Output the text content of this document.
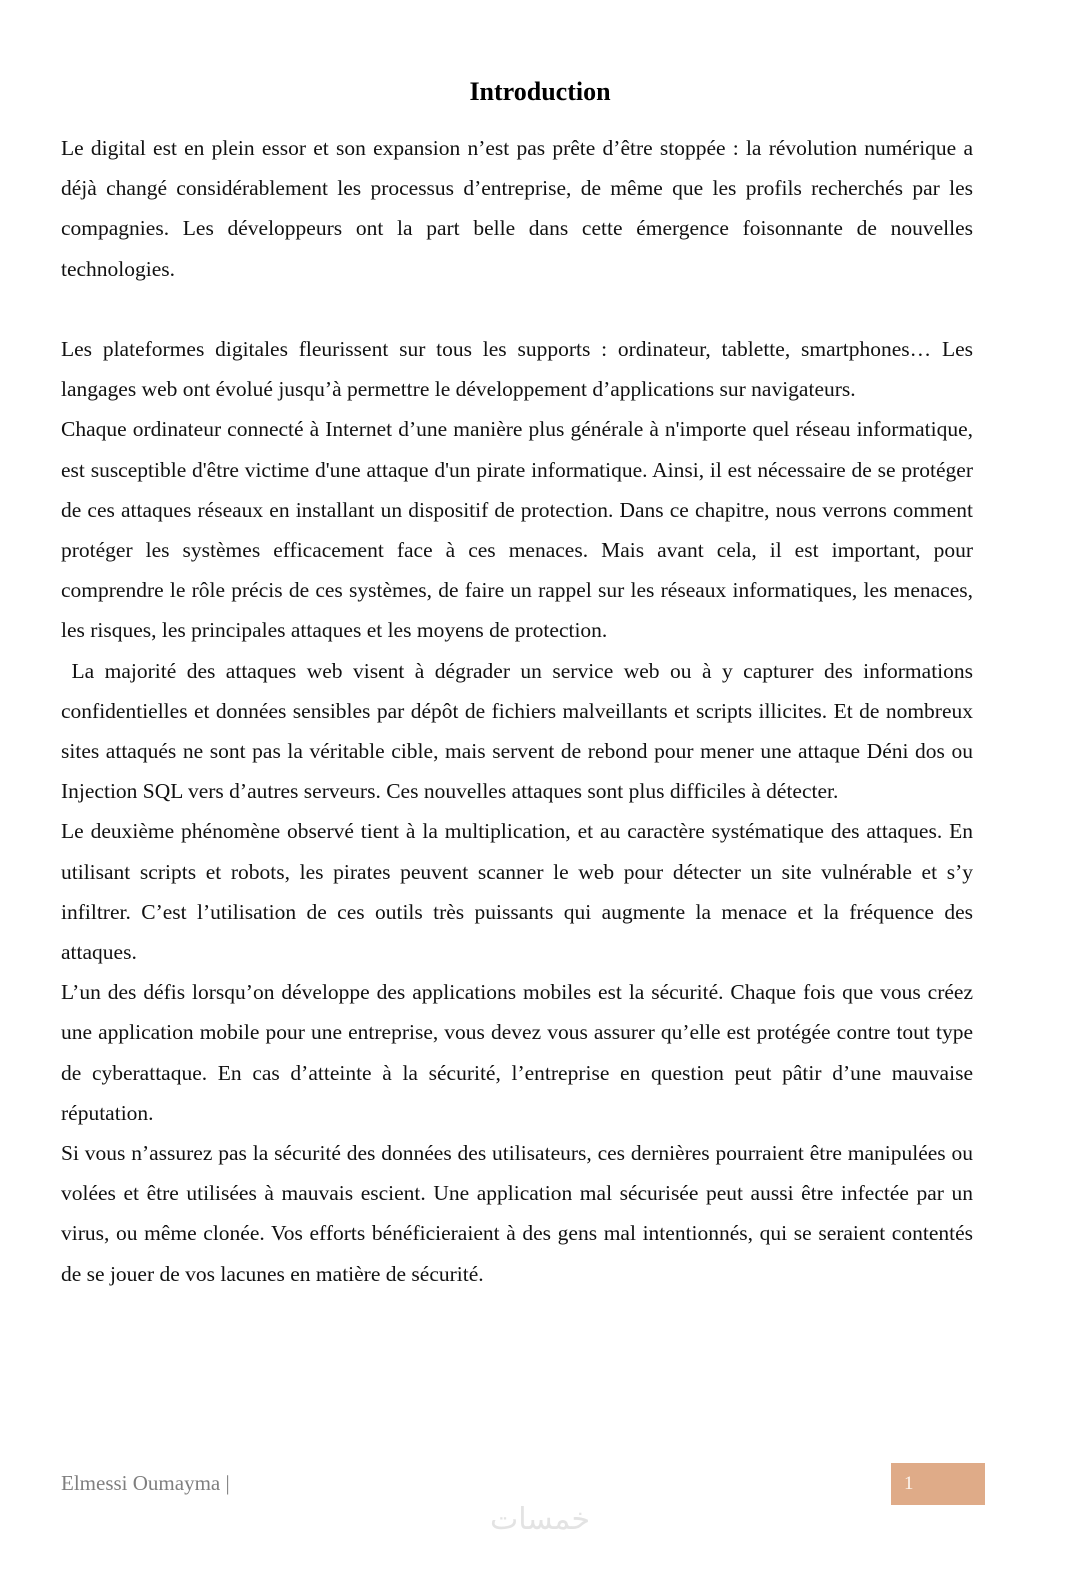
Introduction

Le digital est en plein essor et son expansion n’est pas prête d’être stoppée : la révolution numérique a déjà changé considérablement les processus d’entreprise, de même que les profils recherchés par les compagnies. Les développeurs ont la part belle dans cette émergence foisonnante de nouvelles technologies.

Les plateformes digitales fleurissent sur tous les supports : ordinateur, tablette, smartphones… Les langages web ont évolué jusqu’à permettre le développement d’applications sur navigateurs.

Chaque ordinateur connecté à Internet d’une manière plus générale à n'importe quel réseau informatique, est susceptible d'être victime d'une attaque d'un pirate informatique. Ainsi, il est nécessaire de se protéger de ces attaques réseaux en installant un dispositif de protection. Dans ce chapitre, nous verrons comment protéger les systèmes efficacement face à ces menaces. Mais avant cela, il est important, pour comprendre le rôle précis de ces systèmes, de faire un rappel sur les réseaux informatiques, les menaces, les risques, les principales attaques et les moyens de protection.

La majorité des attaques web visent à dégrader un service web ou à y capturer des informations confidentielles et données sensibles par dépôt de fichiers malveillants et scripts illicites. Et de nombreux sites attaqués ne sont pas la véritable cible, mais servent de rebond pour mener une attaque Déni dos ou Injection SQL vers d’autres serveurs. Ces nouvelles attaques sont plus difficiles à détecter.

Le deuxième phénomène observé tient à la multiplication, et au caractère systématique des attaques. En utilisant scripts et robots, les pirates peuvent scanner le web pour détecter un site vulnérable et s’y infiltrer. C’est l’utilisation de ces outils très puissants qui augmente la menace et la fréquence des attaques.

L’un des défis lorsqu’on développe des applications mobiles est la sécurité. Chaque fois que vous créez une application mobile pour une entreprise, vous devez vous assurer qu’elle est protégée contre tout type de cyberattaque. En cas d’atteinte à la sécurité, l’entreprise en question peut pâtir d’une mauvaise réputation.

Si vous n’assurez pas la sécurité des données des utilisateurs, ces dernières pourraient être manipulées ou volées et être utilisées à mauvais escient. Une application mal sécurisée peut aussi être infectée par un virus, ou même clonée. Vos efforts bénéficieraient à des gens mal intentionnés, qui se seraient contentés de se jouer de vos lacunes en matière de sécurité.

Elmessi Oumayma |	1
خمسات
